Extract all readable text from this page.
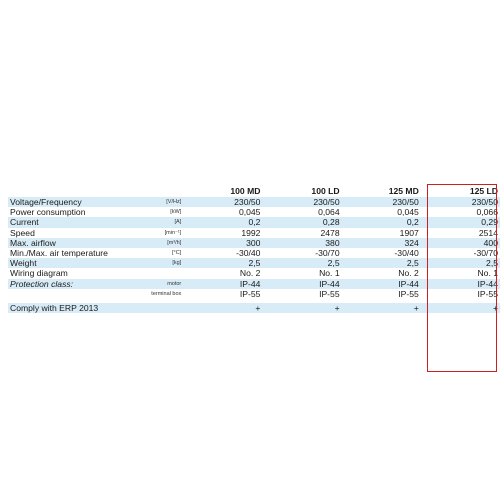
		100 MD	100 LD	125 MD	125 LD
Voltage/Frequency	[V/Hz]	230/50	230/50	230/50	230/50
Power consumption	[kW]	0,045	0,064	0,045	0,066
Current	[A]	0,2	0,28	0,2	0,29
Speed	[min⁻¹]	1992	2478	1907	2514
Max. airflow	[m³/h]	300	380	324	400
Min./Max. air temperature	[°C]	-30/40	-30/70	-30/40	-30/70
Weight	[kg]	2,5	2,5	2,5	2,5
Wiring diagram		No. 2	No. 1	No. 2	No. 1
Protection class:	motor	IP-44	IP-44	IP-44	IP-44
	terminal box	IP-55	IP-55	IP-55	IP-55

Comply with ERP 2013		+	+	+	+
